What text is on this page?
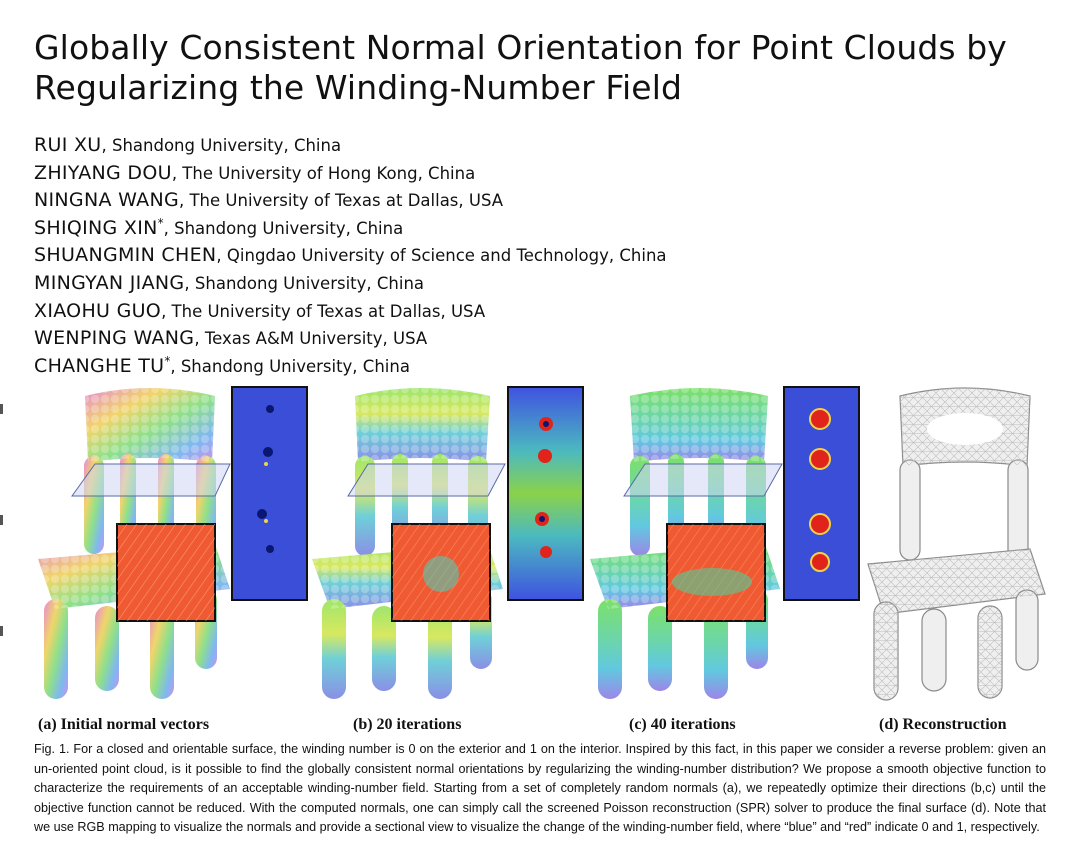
Globally Consistent Normal Orientation for Point Clouds by Regularizing the Winding-Number Field
RUI XU, Shandong University, China
ZHIYANG DOU, The University of Hong Kong, China
NINGNA WANG, The University of Texas at Dallas, USA
SHIQING XIN*, Shandong University, China
SHUANGMIN CHEN, Qingdao University of Science and Technology, China
MINGYAN JIANG, Shandong University, China
XIAOHU GUO, The University of Texas at Dallas, USA
WENPING WANG, Texas A&M University, USA
CHANGHE TU*, Shandong University, China
(a) Initial normal vectors	(b) 20 iterations	(c) 40 iterations	(d) Reconstruction

Fig. 1. For a closed and orientable surface, the winding number is 0 on the exterior and 1 on the interior. Inspired by this fact, in this paper we consider a reverse problem: given an un-oriented point cloud, is it possible to find the globally consistent normal orientations by regularizing the winding-number distribution? We propose a smooth objective function to characterize the requirements of an acceptable winding-number field. Starting from a set of completely random normals (a), we repeatedly optimize their directions (b,c) until the objective function cannot be reduced. With the computed normals, one can simply call the screened Poisson reconstruction (SPR) solver to produce the final surface (d). Note that we use RGB mapping to visualize the normals and provide a sectional view to visualize the change of the winding-number field, where “blue” and “red” indicate 0 and 1, respectively.
